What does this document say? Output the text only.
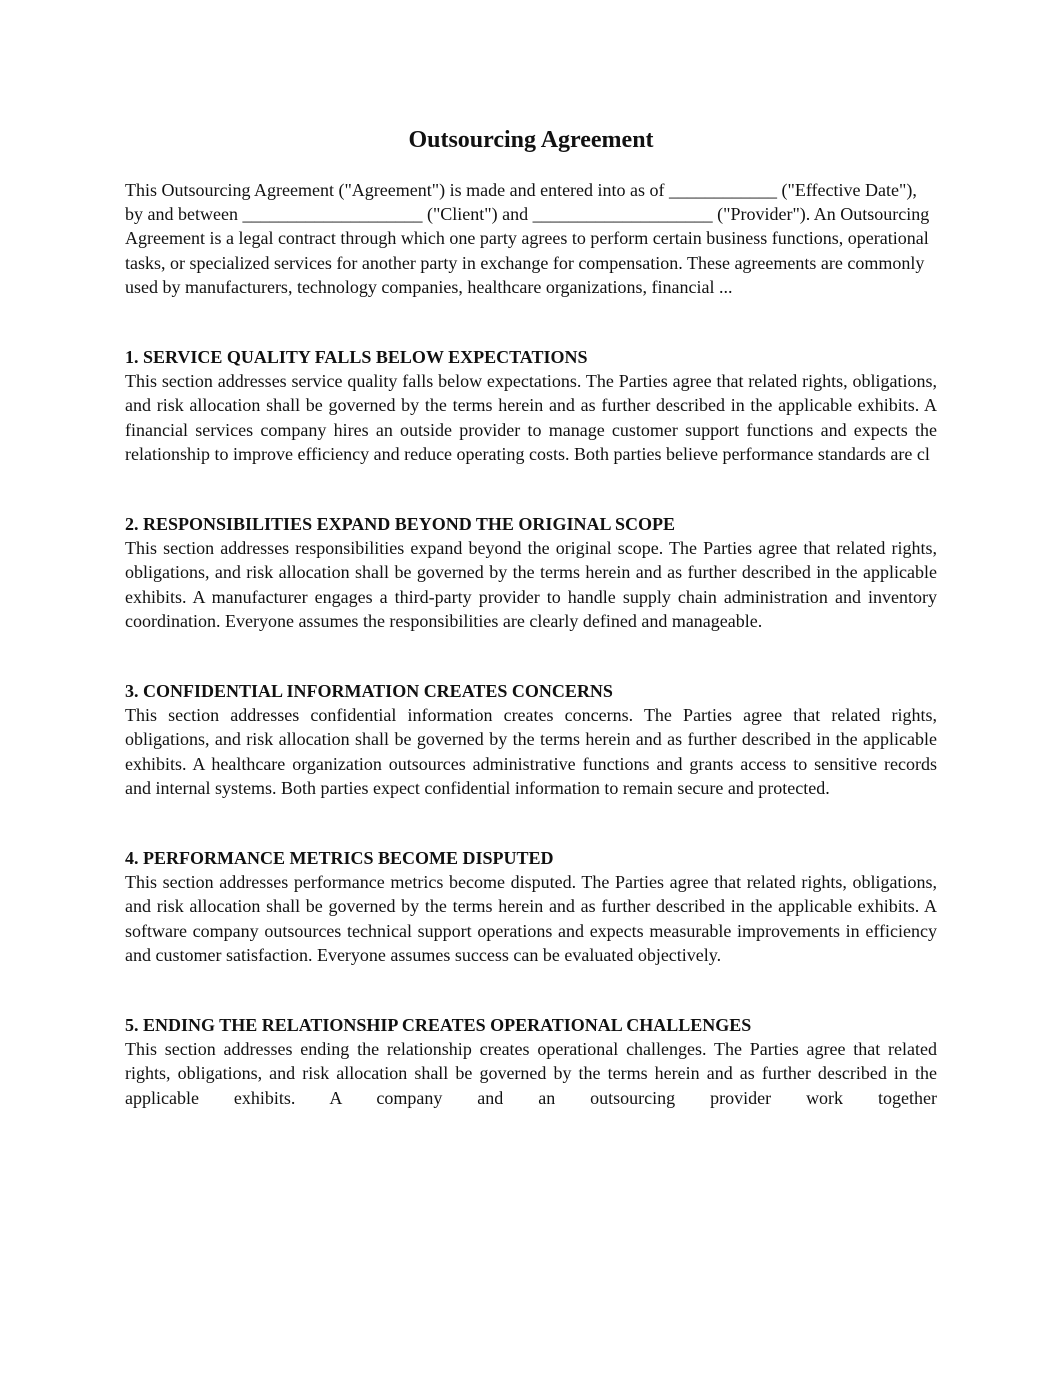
Outsourcing Agreement

This Outsourcing Agreement ("Agreement") is made and entered into as of ____________ ("Effective Date"), by and between ____________________ ("Client") and ____________________ ("Provider"). An Outsourcing Agreement is a legal contract through which one party agrees to perform certain business functions, operational tasks, or specialized services for another party in exchange for compensation. These agreements are commonly used by manufacturers, technology companies, healthcare organizations, financial ...

1. SERVICE QUALITY FALLS BELOW EXPECTATIONS

This section addresses service quality falls below expectations. The Parties agree that related rights, obligations, and risk allocation shall be governed by the terms herein and as further described in the applicable exhibits. A financial services company hires an outside provider to manage customer support functions and expects the relationship to improve efficiency and reduce operating costs. Both parties believe performance standards are cl

2. RESPONSIBILITIES EXPAND BEYOND THE ORIGINAL SCOPE

This section addresses responsibilities expand beyond the original scope. The Parties agree that related rights, obligations, and risk allocation shall be governed by the terms herein and as further described in the applicable exhibits. A manufacturer engages a third-party provider to handle supply chain administration and inventory coordination. Everyone assumes the responsibilities are clearly defined and manageable.

3. CONFIDENTIAL INFORMATION CREATES CONCERNS

This section addresses confidential information creates concerns. The Parties agree that related rights, obligations, and risk allocation shall be governed by the terms herein and as further described in the applicable exhibits. A healthcare organization outsources administrative functions and grants access to sensitive records and internal systems. Both parties expect confidential information to remain secure and protected.

4. PERFORMANCE METRICS BECOME DISPUTED

This section addresses performance metrics become disputed. The Parties agree that related rights, obligations, and risk allocation shall be governed by the terms herein and as further described in the applicable exhibits. A software company outsources technical support operations and expects measurable improvements in efficiency and customer satisfaction. Everyone assumes success can be evaluated objectively.

5. ENDING THE RELATIONSHIP CREATES OPERATIONAL CHALLENGES

This section addresses ending the relationship creates operational challenges. The Parties agree that related rights, obligations, and risk allocation shall be governed by the terms herein and as further described in the applicable exhibits. A company and an outsourcing provider work together
